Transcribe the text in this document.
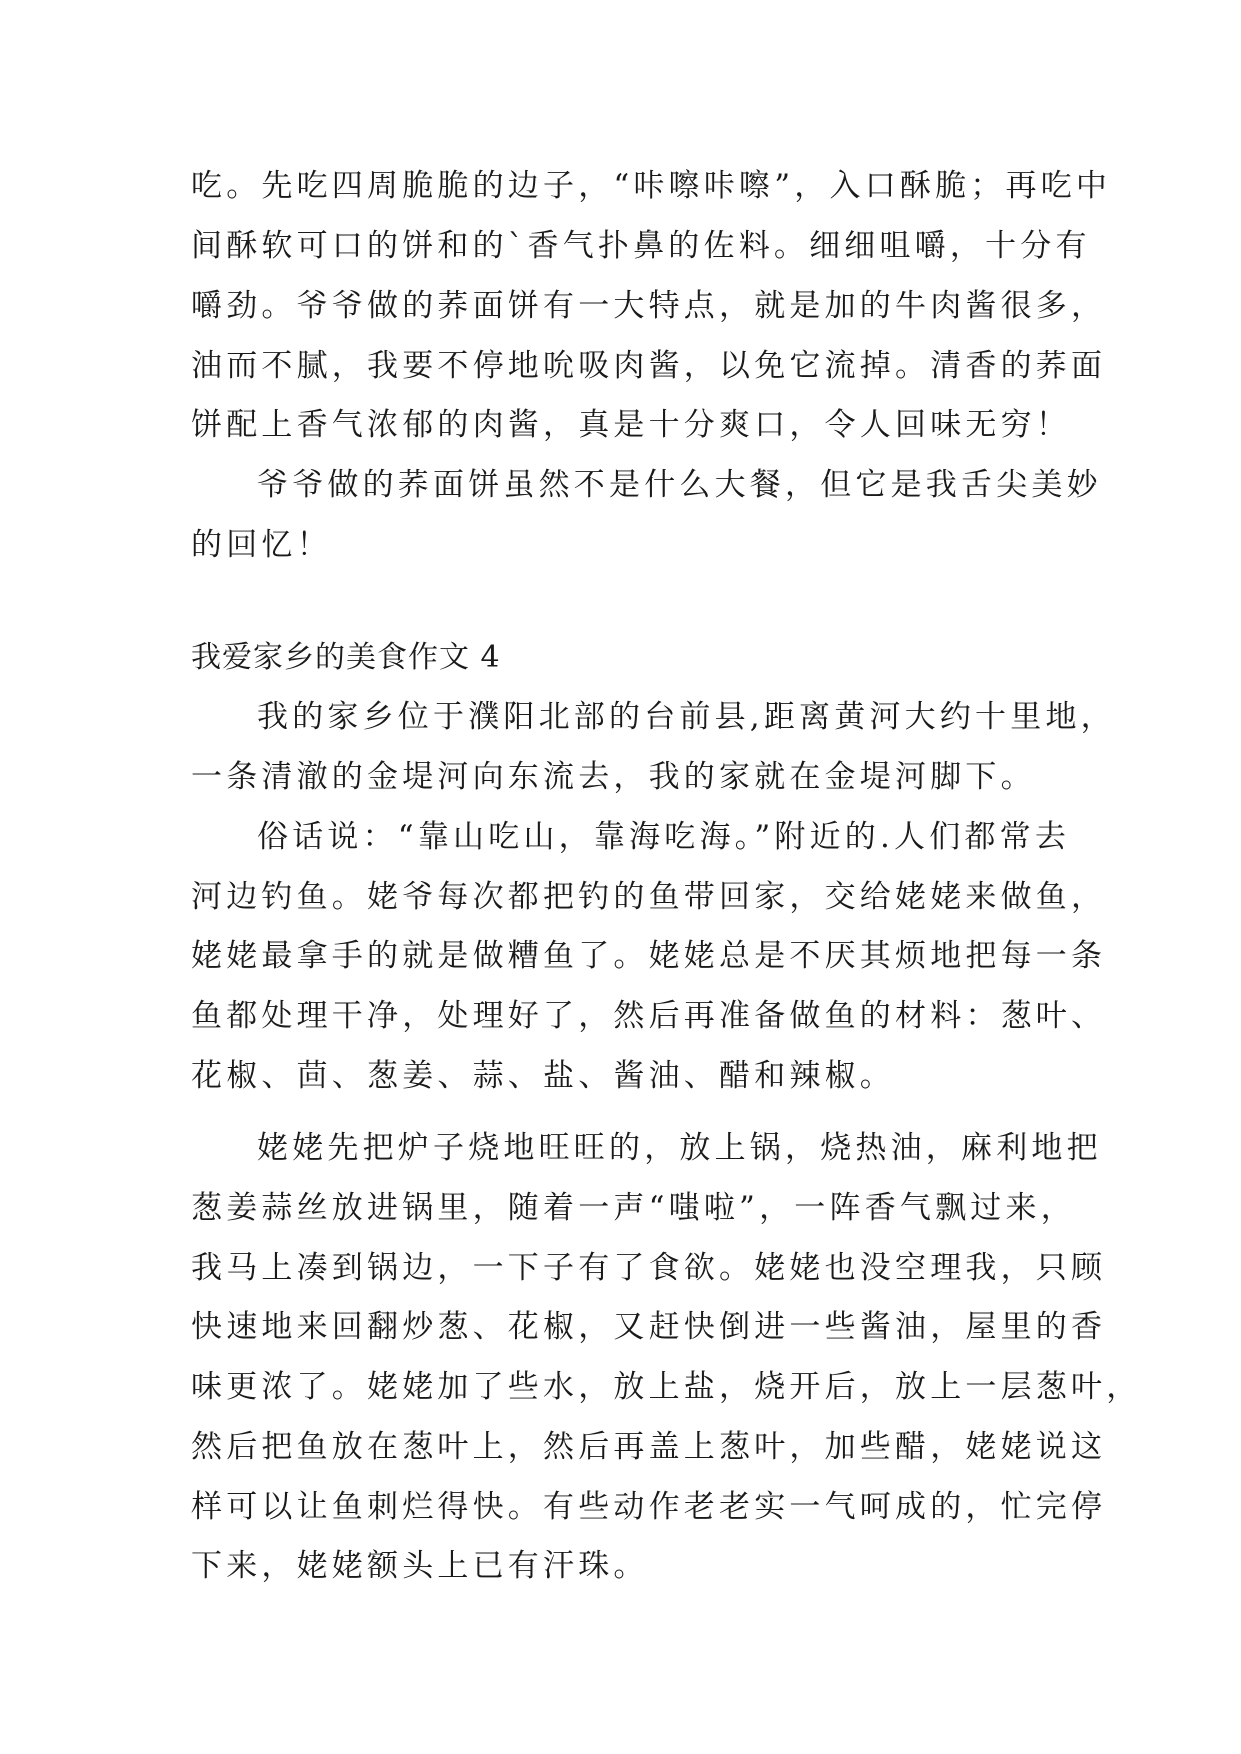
吃。先吃四周脆脆的边子，“咔嚓咔嚓”，入口酥脆；再吃中
间酥软可口的饼和的`香气扑鼻的佐料。细细咀嚼，十分有
嚼劲。爷爷做的荞面饼有一大特点，就是加的牛肉酱很多，
油而不腻，我要不停地吮吸肉酱，以免它流掉。清香的荞面
饼配上香气浓郁的肉酱，真是十分爽口，令人回味无穷！
爷爷做的荞面饼虽然不是什么大餐，但它是我舌尖美妙
的回忆！
我爱家乡的美食作文 4
我的家乡位于濮阳北部的台前县,距离黄河大约十里地，
一条清澈的金堤河向东流去，我的家就在金堤河脚下。
俗话说：“靠山吃山，靠海吃海。”附近的.人们都常去
河边钓鱼。姥爷每次都把钓的鱼带回家，交给姥姥来做鱼，
姥姥最拿手的就是做糟鱼了。姥姥总是不厌其烦地把每一条
鱼都处理干净，处理好了，然后再准备做鱼的材料：葱叶、
花椒、茴、葱姜、蒜、盐、酱油、醋和辣椒。
姥姥先把炉子烧地旺旺的，放上锅，烧热油，麻利地把
葱姜蒜丝放进锅里，随着一声“嗤啦”，一阵香气飘过来，
我马上凑到锅边，一下子有了食欲。姥姥也没空理我，只顾
快速地来回翻炒葱、花椒，又赶快倒进一些酱油，屋里的香
味更浓了。姥姥加了些水，放上盐，烧开后，放上一层葱叶，
然后把鱼放在葱叶上，然后再盖上葱叶，加些醋，姥姥说这
样可以让鱼刺烂得快。有些动作老老实一气呵成的，忙完停
下来，姥姥额头上已有汗珠。
